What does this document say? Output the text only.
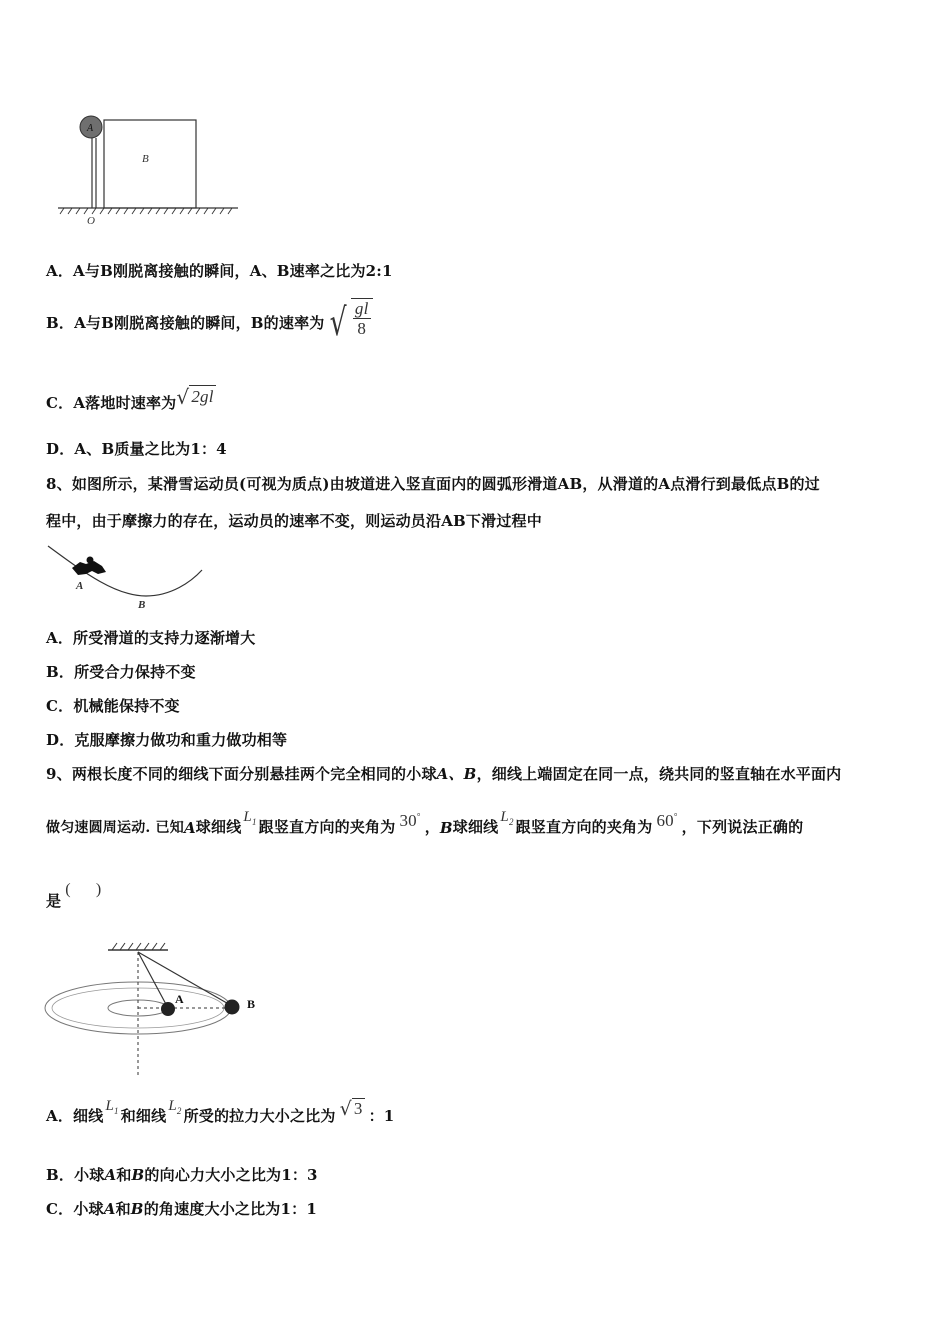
A
B
O
A．A与B刚脱离接触的瞬间，A、B速率之比为2:1
B．A与B刚脱离接触的瞬间，B的速率为 √ $\frac{gl}{8}$
C．A落地时速率为 √ 2gl
D．A、B质量之比为1：4
8、如图所示，某滑雪运动员(可视为质点)由坡道进入竖直面内的圆弧形滑道AB，从滑道的A点滑行到最低点B的过
程中，由于摩擦力的存在，运动员的速率不变，则运动员沿AB下滑过程中
A
B
A．所受滑道的支持力逐渐增大
B．所受合力保持不变
C．机械能保持不变
D．克服摩擦力做功和重力做功相等
9、两根长度不同的细线下面分别悬挂两个完全相同的小球A、B，细线上端固定在同一点，绕共同的竖直轴在水平面内
做匀速圆周运动. 已知 A 球细线
$L_1$ 跟竖直方向的夹角为 30°
， B 球细线
$L_2$ 跟竖直方向的夹角为 60°
，下列说法正确的
是
(      )
A	B
A．细线
$L_1$ 和细线
$L_2$ 所受的拉力大小之比为 √ 3 ：1
B．小球A和B的向心力大小之比为1：3
C．小球A和B的角速度大小之比为1：1
